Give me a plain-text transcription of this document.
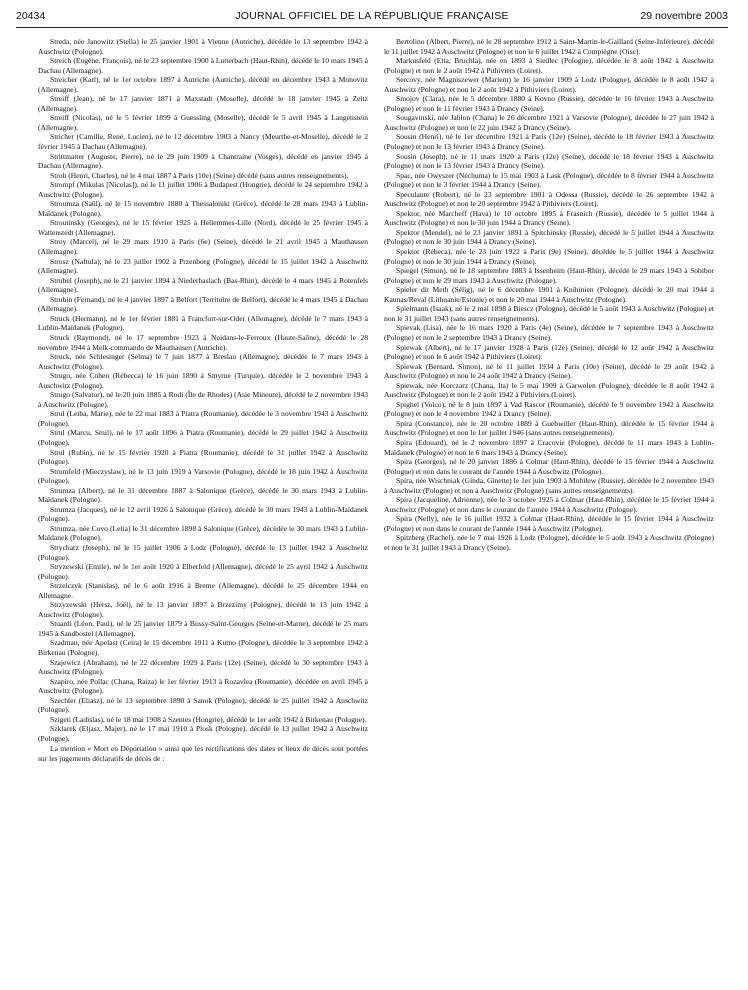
20434	JOURNAL OFFICIEL DE LA RÉPUBLIQUE FRANÇAISE	29 novembre 2003

Streda, née Janowitz (Stella) le 25 janvier 1901 à Vienne (Autriche), décédée le 13 septembre 1942 à Auschwitz (Pologne).

Streich (Eugène, François), né le 23 septembre 1900 à Lutterbach (Haut-Rhin), décédé le 10 mars 1945 à Dachau (Allemagne).

Streicher (Karl), né le 1er octobre 1897 à Autriche (Autriche), décédé en décembre 1943 à Monovitz (Allemagne).

Streiff (Jean), né le 17 janvier 1871 à Maxstadt (Moselle), décédé le 18 janvier 1945 à Zeitz (Allemagne).

Streiff (Nicolas), né le 5 février 1899 à Guessling (Moselle), décédé le 5 avril 1945 à Langenstein (Allemagne).

Stricher (Camille, René, Lucien), né le 12 décembre 1903 à Nancy (Meurthe-et-Moselle), décédé le 2 février 1945 à Dachau (Allemagne).

Strittmatter (Auguste, Pierre), né le 29 juin 1909 à Chantraine (Vosges), décédé en janvier 1945 à Dachau (Allemagne).

Stroh (Henri, Charles), né le 4 mai 1887 à Paris (10e) (Seine) décédé (sans autres renseignements).

Strompf (Mikulas [Nicolas]), né le 11 juillet 1906 à Budapest (Hongrie), décédé le 24 septembre 1942 à Auschwitz (Pologne).

Stroumza (Saül), né le 15 novembre 1880 à Thessaloniki (Grèce), décédé le 28 mars 1943 à Lublin-Maïdanek (Pologne).

Stroutinsky (Georges), né le 15 février 1925 à Hellemmes-Lille (Nord), décédé le 25 février 1945 à Wattenstedt (Allemagne).

Stroy (Marcel), né le 29 mars 1910 à Paris (6e) (Seine), décédé le 21 avril 1945 à Mauthausen (Allemagne).

Strosz (Naftula), né le 23 juillet 1902 à Przenborg (Pologne), décédé le 15 juillet 1942 à Auschwitz (Allemagne).

Strubel (Joseph), né le 21 janvier 1894 à Niederhaslach (Bas-Rhin), décédé le 4 mars 1945 à Rotenfels (Allemagne).

Strubin (Fernand), né le 4 janvier 1897 à Belfort (Territoire de Belfort), décédé le 4 mars 1945 à Dachau (Allemagne).

Struck (Hermann), né le 1er février 1881 à Francfort-sur-Oder (Allemagne), décédé le 7 mars 1943 à Lublin-Maïdanek (Pologne).

Struck (Raymond), né le 17 septembre 1923 à Noidans-le-Ferroux (Haute-Saône), décédé le 28 novembre 1944 à Melk-commando de Mauthausen (Autriche).

Struck, née Schlesinger (Selma) le 7 juin 1877 à Breslau (Allemagne), décédée le 7 mars 1943 à Auschwitz (Pologne).

Strugo, née Cohen (Rébecca) le 16 juin 1890 à Smyrne (Turquie), décédée le 2 novembre 1943 à Auschwitz (Pologne).

Strugo (Salvator), né le 20 juin 1885 à Rodi (Île de Rhodes) (Asie Mineure), décédé le 2 novembre 1943 à Auschwitz (Pologne).

Strul (Leiba, Marie), née le 22 mai 1883 à Piatra (Roumanie), décédée le 3 novembre 1943 à Auschwitz (Pologne).

Strul (Marcu, Smil), né le 17 août 1896 à Piatra (Roumanie), décédé le 29 juillet 1942 à Auschwitz (Pologne).

Strul (Rubin), né le 15 février 1920 à Piatra (Roumanie), décédé le 31 juillet 1942 à Auschwitz (Pologne).

Strumfeld (Mieczyslaw), né le 13 juin 1919 à Varsovie (Pologne), décédé le 18 juin 1942 à Auschwitz (Pologne).

Strumza (Albert), né le 31 décembre 1887 à Salonique (Grèce), décédé le 30 mars 1943 à Lublin-Maïdanek (Pologne).

Strumza (Jacques), né le 12 avril 1926 à Salonique (Grèce), décédé le 30 mars 1943 à Lublin-Maïdanek (Pologne).

Strumza, née Covo (Lelia) le 31 décembre 1898 à Salonique (Grèce), décédée le 30 mars 1943 à Lublin-Maïdanek (Pologne).

Strycharz (Joseph), né le 15 juillet 1906 à Lodz (Pologne), décédé le 13 juillet 1942 à Auschwitz (Pologne).

Stryzewski (Emile), né le 1er août 1920 à Elberfeld (Allemagne), décédé le 25 avril 1942 à Auschwitz (Pologne).

Strzelczyk (Stanislas), né le 6 août 1916 à Breme (Allemagne), décédé le 25 décembre 1944 en Allemagne.

Strzyzewski (Hersz, Joël), né le 13 janvier 1897 à Brzezimy (Pologne), décédé le 13 juin 1942 à Auschwitz (Pologne).

Stuardi (Léon, Paul), né le 25 janvier 1879 à Bussy-Saint-Georges (Seine-et-Marne), décédé le 25 mars 1945 à Sandbostel (Allemagne).

Szadman, née Apelast (Ceira) le 15 décembre 1911 à Kutno (Pologne), décédée le 3 septembre 1942 à Birkenau (Pologne).

Szajewicz (Abraham), né le 22 décembre 1929 à Paris (12e) (Seine), décédé le 30 septembre 1943 à Auschwitz (Pologne).

Szapiro, née Pollac (Chana, Raiza) le 1er février 1913 à Rozavlea (Roumanie), décédée en avril 1945 à Auschwitz (Pologne).

Szechter (Eliasz), né le 13 septembre 1890 à Sanok (Pologne), décédé le 25 juillet 1942 à Auschwitz (Pologne).

Szigeti (Ladislas), né le 18 mai 1908 à Szentes (Hongrie), décédé le 1er août 1942 à Birkenau (Pologne).

Szklarek (Eljasz, Majer), né le 17 mai 1910 à Plosk (Pologne), décédé le 13 juillet 1942 à Auschwitz (Pologne).

La mention « Mort en Déportation » ainsi que les rectifications des dates et lieux de décès sont portées sur les jugements déclaratifs de décès de :

Bertolino (Albert, Pierre), né le 28 septembre 1912 à Saint-Martin-le-Gaillard (Seine-Inférieure), décédé le 11 juillet 1942 à Auschwitz (Pologne) et non le 6 juillet 1942 à Compiègne (Oise).

Markusfeld (Etta, Bruchla), née en 1893 à Siedlec (Pologne), décédée le 8 août 1942 à Auschwitz (Pologne) et non le 2 août 1942 à Pithiviers (Loiret).

Sercovy, née Magniszewer (Mariem) le 16 janvier 1909 à Lodz (Pologne), décédée le 8 août 1942 à Auschwitz (Pologne) et non le 2 août 1942 à Pithiviers (Loiret).

Smojov (Clara), née le 5 décembre 1880 à Kovno (Russie), décédée le 16 février 1943 à Auschwitz (Pologne) et non le 11 février 1943 à Drancy (Seine).

Sougavinski, née Jablon (Chana) le 26 décembre 1921 à Varsovie (Pologne), décédée le 27 juin 1942 à Auschwitz (Pologne) et non le 22 juin 1942 à Drancy (Seine).

Sousin (Henri), né le 1er décembre 1921 à Paris (12e) (Seine), décédé le 18 février 1943 à Auschwitz (Pologne) et non le 13 février 1943 à Drancy (Seine).

Sousin (Joseph), né le 11 mars 1920 à Paris (12e) (Seine), décédé le 18 février 1943 à Auschwitz (Pologne) et non le 13 février 1943 à Drancy (Seine).

Spac, née Owyszer (Néchuma) le 15 mai 1903 à Lask (Pologne), décédée le 8 février 1944 à Auschwitz (Pologne) et non le 3 février 1944 à Drancy (Seine).

Speculante (Robert), né le 23 septembre 1901 à Odessa (Russie), décédé le 26 septembre 1942 à Auschwitz (Pologne) et non le 20 septembre 1942 à Pithiviers (Loiret).

Spektor, née Marcheff (Hava) le 10 octobre 1895 à Frasnich (Russie), décédée le 5 juillet 1944 à Auschwitz (Pologne) et non le 30 juin 1944 à Drancy (Seine).

Spektor (Mendel), né le 23 janvier 1891 à Spitchinsky (Russie), décédé le 5 juillet 1944 à Auschwitz (Pologne) et non le 30 juin 1944 à Drancy (Seine).

Spektor (Rébeca), née le 23 juin 1922 à Paris (9e) (Seine), décédée le 5 juillet 1944 à Auschwitz (Pologne) et non le 30 juin 1944 à Drancy (Seine).

Spiegel (Simon), né le 18 septembre 1883 à Issenheim (Haut-Rhin), décédé le 29 mars 1943 à Sobibor (Pologne) et non le 29 mars 1943 à Auschwitz (Pologne).

Spieler dit Meth (Sélig), né le 6 décembre 1901 à Knihinien (Pologne), décédé le 20 mai 1944 à Kaunas/Reval (Lithuanie/Estonie) et non le 20 mai 1944 à Auschwitz (Pologne).

Spielmann (Isaak), né le 2 mai 1898 à Biescz (Pologne), décédé le 5 août 1943 à Auschwitz (Pologne) et non le 31 juillet 1943 (sans autres renseignements).

Spievak (Lisa), née le 16 mars 1920 à Paris (4e) (Seine), décédée le 7 septembre 1943 à Auschwitz (Pologne) et non le 2 septembre 1943 à Drancy (Seine).

Spiewak (Albert), né le 17 janvier 1928 à Paris (12e) (Seine), décédé le 12 août 1942 à Auschwitz (Pologne) et non le 6 août 1942 à Pithiviers (Loiret).

Spiewak (Bernard, Simon), né le 11 juillet 1934 à Paris (10e) (Seine), décédé le 29 août 1942 à Auschwitz (Pologne) et non le 24 août 1942 à Drancy (Seine).

Spiewak, née Korczarz (Chana, Ita) le 5 mai 1909 à Garwolen (Pologne), décédée le 8 août 1942 à Auschwitz (Pologne) et non le 2 août 1942 à Pithiviers (Loiret).

Spighel (Volco), né le 8 juin 1897 à Vad Rascor (Roumanie), décédé le 9 novembre 1942 à Auschwitz (Pologne) et non le 4 novembre 1942 à Drancy (Seine).

Spira (Constance), née le 20 octobre 1889 à Guebwiller (Haut-Rhin), décédée le 15 février 1944 à Auschwitz (Pologne) et non le 1er juillet 1946 (sans autres renseignements).

Spira (Edouard), né le 2 novembre 1897 à Cracovie (Pologne), décédé le 11 mars 1943 à Lublin-Maïdanek (Pologne) et non le 6 mars 1943 à Drancy (Seine).

Spira (Georges), né le 20 janvier 1886 à Colmar (Haut-Rhin), décédé le 15 février 1944 à Auschwitz (Pologne) et non dans le courant de l'année 1944 à Auschwitz (Pologne).

Spira, née Wischniak (Ginda, Ginette) le 1er juin 1903 à Mohilew (Russie), décédée le 2 novembre 1943 à Auschwitz (Pologne) et non à Auschwitz (Pologne) (sans autres renseignements).

Spira (Jacqueline, Adrienne), née le 3 octobre 1925 à Colmar (Haut-Rhin), décédée le 15 février 1944 à Auschwitz (Pologne) et non dans le courant de l'année 1944 à Auschwitz (Pologne).

Spira (Nelly), née le 16 juillet 1932 à Colmar (Haut-Rhin), décédée le 15 février 1944 à Auschwitz (Pologne) et non dans le courant de l'année 1944 à Auschwitz (Pologne).

Spitzberg (Rachel), née le 7 mai 1926 à Lodz (Pologne), décédée le 5 août 1943 à Auschwitz (Pologne) et non le 31 juillet 1943 à Drancy (Seine).
